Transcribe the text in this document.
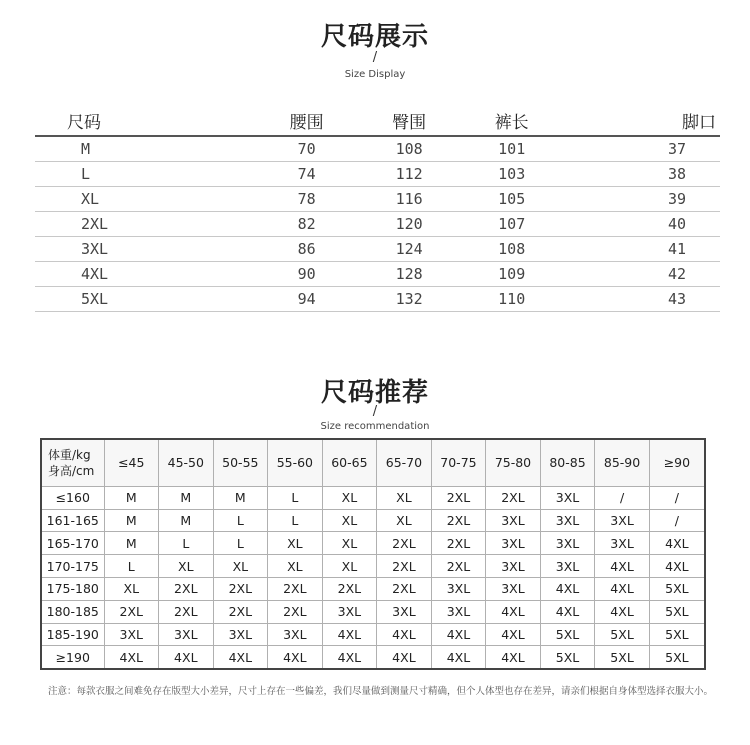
尺码展示
/
Size Display
尺码	腰围	臀围	裤长	脚口
M	70	108	101	37
L	74	112	103	38
XL	78	116	105	39
2XL	82	120	107	40
3XL	86	124	108	41
4XL	90	128	109	42
5XL	94	132	110	43
尺码推荐
/
Size recommendation
体重/kg
身高/cm	≤45	45-50	50-55	55-60	60-65	65-70	70-75	75-80	80-85	85-90	≥90
≤160	M	M	M	L	XL	XL	2XL	2XL	3XL	/	/
161-165	M	M	L	L	XL	XL	2XL	3XL	3XL	3XL	/
165-170	M	L	L	XL	XL	2XL	2XL	3XL	3XL	3XL	4XL
170-175	L	XL	XL	XL	XL	2XL	2XL	3XL	3XL	4XL	4XL
175-180	XL	2XL	2XL	2XL	2XL	2XL	3XL	3XL	4XL	4XL	5XL
180-185	2XL	2XL	2XL	2XL	3XL	3XL	3XL	4XL	4XL	4XL	5XL
185-190	3XL	3XL	3XL	3XL	4XL	4XL	4XL	4XL	5XL	5XL	5XL
≥190	4XL	4XL	4XL	4XL	4XL	4XL	4XL	4XL	5XL	5XL	5XL
注意：每款衣服之间难免存在版型大小差异，尺寸上存在一些偏差，我们尽量做到测量尺寸精确，但个人体型也存在差异，请亲们根据自身体型选择衣服大小。
